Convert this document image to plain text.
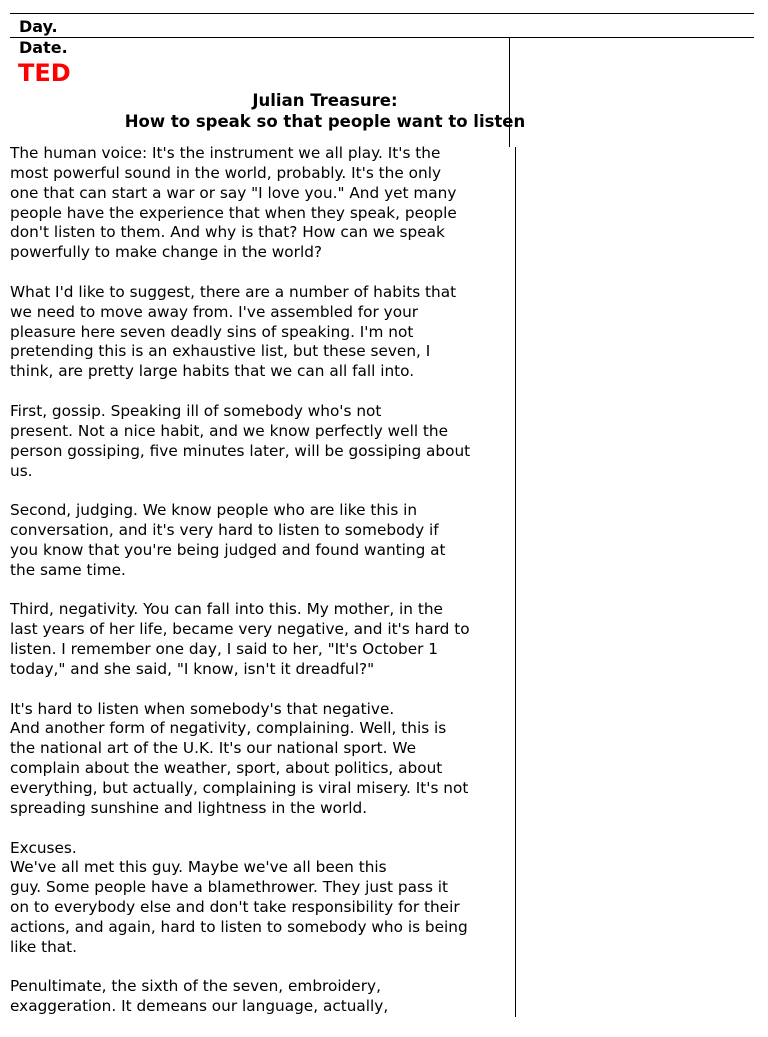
Day.
Date.
TED
Julian Treasure:
How to speak so that people want to listen
The human voice: It's the instrument we all play. It's the
most powerful sound in the world, probably. It's the only
one that can start a war or say "I love you." And yet many
people have the experience that when they speak, people
don't listen to them. And why is that? How can we speak
powerfully to make change in the world?
What I'd like to suggest, there are a number of habits that
we need to move away from. I've assembled for your
pleasure here seven deadly sins of speaking. I'm not
pretending this is an exhaustive list, but these seven, I
think, are pretty large habits that we can all fall into.
First, gossip. Speaking ill of somebody who's not
present. Not a nice habit, and we know perfectly well the
person gossiping, five minutes later, will be gossiping about
us.
Second, judging. We know people who are like this in
conversation, and it's very hard to listen to somebody if
you know that you're being judged and found wanting at
the same time.
Third, negativity. You can fall into this. My mother, in the
last years of her life, became very negative, and it's hard to
listen. I remember one day, I said to her, "It's October 1
today," and she said, "I know, isn't it dreadful?"
It's hard to listen when somebody's that negative.
And another form of negativity, complaining. Well, this is
the national art of the U.K. It's our national sport. We
complain about the weather, sport, about politics, about
everything, but actually, complaining is viral misery. It's not
spreading sunshine and lightness in the world.
Excuses.
We've all met this guy. Maybe we've all been this
guy. Some people have a blamethrower. They just pass it
on to everybody else and don't take responsibility for their
actions, and again, hard to listen to somebody who is being
like that.
Penultimate, the sixth of the seven, embroidery,
exaggeration. It demeans our language, actually,
